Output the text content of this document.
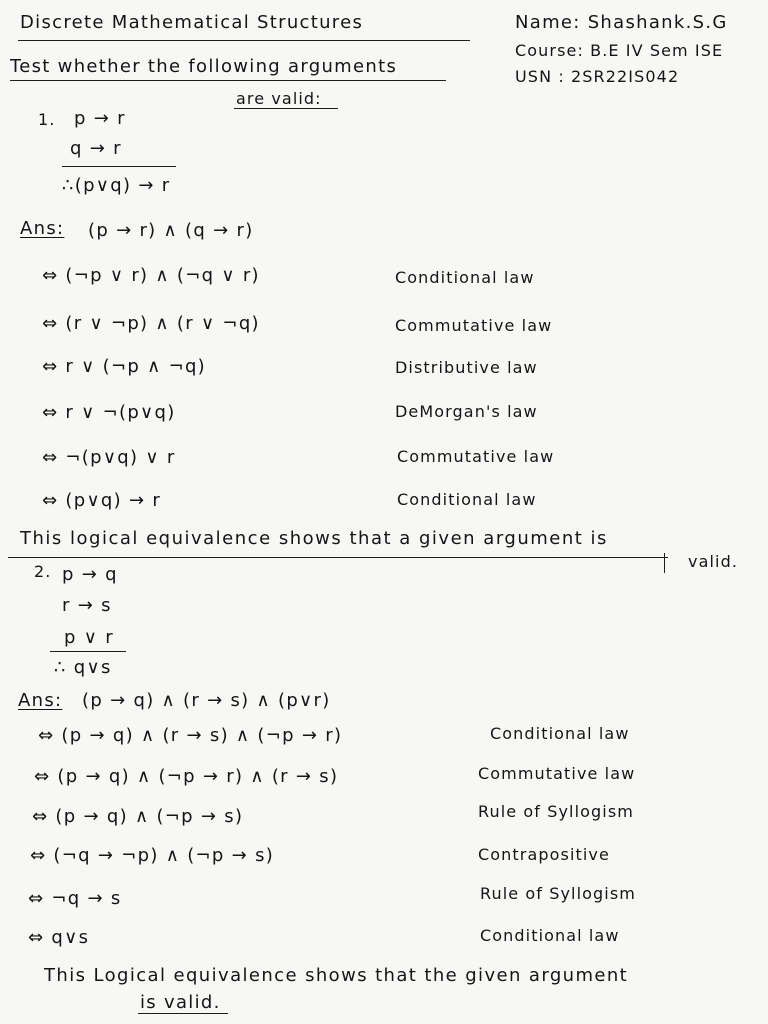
Discrete Mathematical Structures	Name: Shashank.S.G
Course: B.E IV Sem ISE
USN : 2SR22IS042
Test whether the following arguments
are valid:
1. p → r
q → r
∴(p∨q) → r
Ans: (p → r) ∧ (q → r)
⇔ (¬p ∨ r) ∧ (¬q ∨ r)	Conditional law
⇔ (r ∨ ¬p) ∧ (r ∨ ¬q)	Commutative law
⇔ r ∨ (¬p ∧ ¬q)	Distributive law
⇔ r ∨ ¬(p∨q)	DeMorgan's law
⇔ ¬(p∨q) ∨ r	Commutative law
⇔ (p∨q) → r	Conditional law
This logical equivalence shows that a given argument is
valid.
2. p → q
r → s
p ∨ r
∴ q∨s
Ans: (p → q) ∧ (r → s) ∧ (p∨r)
⇔ (p → q) ∧ (r → s) ∧ (¬p → r)	Conditional law
⇔ (p → q) ∧ (¬p → r) ∧ (r → s)	Commutative law
⇔ (p → q) ∧ (¬p → s)	Rule of Syllogism
⇔ (¬q → ¬p) ∧ (¬p → s)	Contrapositive
⇔ ¬q → s	Rule of Syllogism
⇔ q∨s	Conditional law
This Logical equivalence shows that the given argument
is valid.
